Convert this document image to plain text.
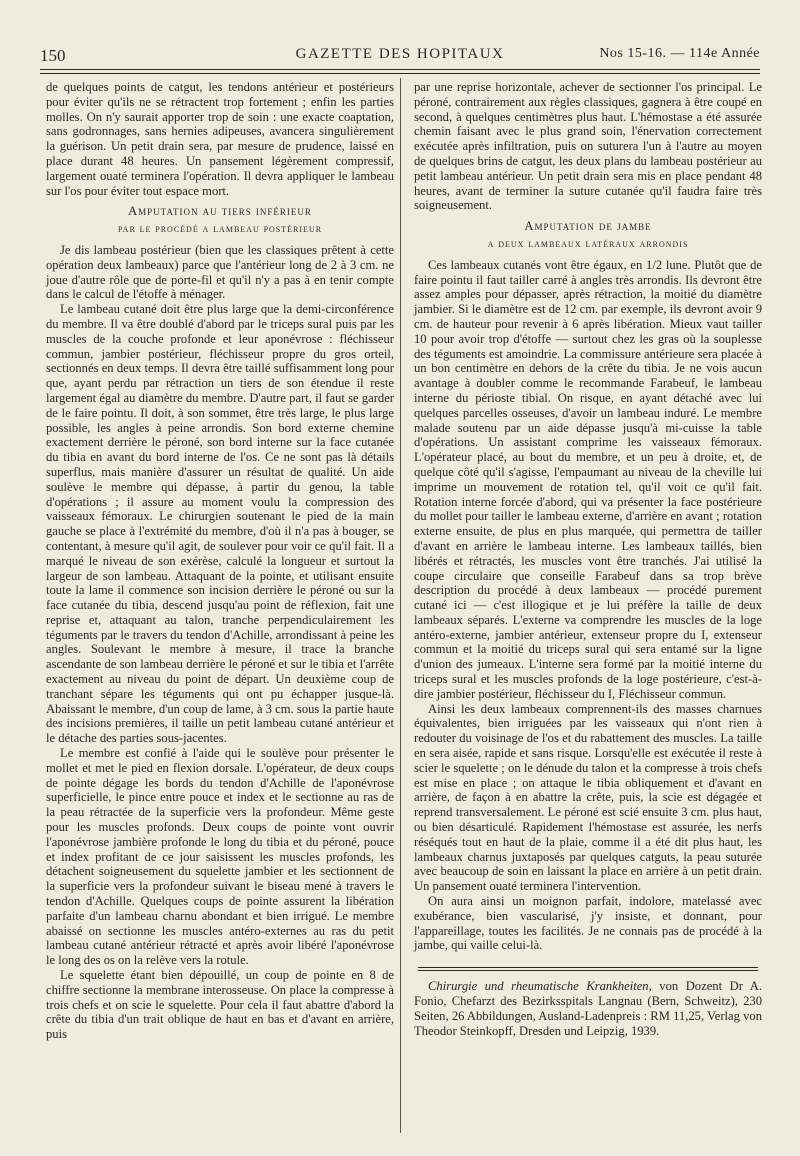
150	GAZETTE DES HOPITAUX	Nos 15-16. — 114e Année

de quelques points de catgut, les tendons antérieur et postérieurs pour éviter qu'ils ne se rétractent trop fortement ; enfin les parties molles. On n'y saurait apporter trop de soin : une exacte coaptation, sans godronnages, sans hernies adipeuses, avancera singulièrement la guérison. Un petit drain sera, par mesure de prudence, laissé en place durant 48 heures. Un pansement légèrement compressif, largement ouaté terminera l'opération. Il devra appliquer le lambeau sur l'os pour éviter tout espace mort.

Amputation au tiers inférieur
par le procédé a lambeau postérieur

Je dis lambeau postérieur (bien que les classiques prêtent à cette opération deux lambeaux) parce que l'antérieur long de 2 à 3 cm. ne joue d'autre rôle que de porte-fil et qu'il n'y a pas à en tenir compte dans le calcul de l'étoffe à ménager.

Le lambeau cutané doit être plus large que la demi-circonférence du membre. Il va être doublé d'abord par le triceps sural puis par les muscles de la couche profonde et leur aponévrose : fléchisseur commun, jambier postérieur, fléchisseur propre du gros orteil, sectionnés en deux temps. Il devra être taillé suffisamment long pour que, ayant perdu par rétraction un tiers de son étendue il reste largement égal au diamètre du membre. D'autre part, il faut se garder de le faire pointu. Il doit, à son sommet, être très large, le plus large possible, les angles à peine arrondis. Son bord externe chemine exactement derrière le péroné, son bord interne sur la face cutanée du tibia en avant du bord interne de l'os. Ce ne sont pas là détails superflus, mais manière d'assurer un résultat de qualité. Un aide soulève le membre qui dépasse, à partir du genou, la table d'opérations ; il assure au moment voulu la compression des vaisseaux fémoraux. Le chirurgien soutenant le pied de la main gauche se place à l'extrémité du membre, d'où il n'a pas à bouger, se contentant, à mesure qu'il agit, de soulever pour voir ce qu'il fait. Il a marqué le niveau de son exérèse, calculé la longueur et surtout la largeur de son lambeau. Attaquant de la pointe, et utilisant ensuite toute la lame il commence son incision derrière le péroné ou sur la face cutanée du tibia, descend jusqu'au point de réflexion, fait une reprise et, attaquant au talon, tranche perpendiculairement les téguments par le travers du tendon d'Achille, arrondissant à peine les angles. Soulevant le membre à mesure, il trace la branche ascendante de son lambeau derrière le péroné et sur le tibia et l'arrête exactement au niveau du point de départ. Un deuxième coup de tranchant sépare les téguments qui ont pu échapper jusque-là. Abaissant le membre, d'un coup de lame, à 3 cm. sous la partie haute des incisions premières, il taille un petit lambeau cutané antérieur et le détache des parties sous-jacentes.

Le membre est confié à l'aide qui le soulève pour présenter le mollet et met le pied en flexion dorsale. L'opérateur, de deux coups de pointe dégage les bords du tendon d'Achille de l'aponévrose superficielle, le pince entre pouce et index et le sectionne au ras de la peau rétractée de la superficie vers la profondeur. Même geste pour les muscles profonds. Deux coups de pointe vont ouvrir l'aponévrose jambière profonde le long du tibia et du péroné, pouce et index profitant de ce jour saisissent les muscles profonds, les détachent soigneusement du squelette jambier et les sectionnent de la superficie vers la profondeur suivant le biseau mené à travers le tendon d'Achille. Quelques coups de pointe assurent la libération parfaite d'un lambeau charnu abondant et bien irrigué. Le membre abaissé on sectionne les muscles antéro-externes au ras du petit lambeau cutané antérieur rétracté et après avoir libéré l'aponévrose le long des os on la relève vers la rotule.

Le squelette étant bien dépouillé, un coup de pointe en 8 de chiffre sectionne la membrane interosseuse. On place la compresse à trois chefs et on scie le squelette. Pour cela il faut abattre d'abord la crête du tibia d'un trait oblique de haut en bas et d'avant en arrière, puis

par une reprise horizontale, achever de sectionner l'os principal. Le péroné, contrairement aux règles classiques, gagnera à être coupé en second, à quelques centimètres plus haut. L'hémostase a été assurée chemin faisant avec le plus grand soin, l'énervation correctement exécutée après infiltration, puis on suturera l'un à l'autre au moyen de quelques brins de catgut, les deux plans du lambeau postérieur au petit lambeau antérieur. Un petit drain sera mis en place pendant 48 heures, avant de terminer la suture cutanée qu'il faudra faire très soigneusement.

Amputation de jambe
a deux lambeaux latéraux arrondis

Ces lambeaux cutanés vont être égaux, en 1/2 lune. Plutôt que de faire pointu il faut tailler carré à angles très arrondis. Ils devront être assez amples pour dépasser, après rétraction, la moitié du diamètre jambier. Si le diamètre est de 12 cm. par exemple, ils devront avoir 9 cm. de hauteur pour revenir à 6 après libération. Mieux vaut tailler 10 pour avoir trop d'étoffe — surtout chez les gras où la souplesse des téguments est amoindrie. La commissure antérieure sera placée à un bon centimètre en dehors de la crête du tibia. Je ne vois aucun avantage à doubler comme le recommande Farabeuf, le lambeau interne du périoste tibial. On risque, en ayant détaché avec lui quelques parcelles osseuses, d'avoir un lambeau induré. Le membre malade soutenu par un aide dépasse jusqu'à mi-cuisse la table d'opérations. Un assistant comprime les vaisseaux fémoraux. L'opérateur placé, au bout du membre, et un peu à droite, et, de quelque côté qu'il s'agisse, l'empaumant au niveau de la cheville lui imprime un mouvement de rotation tel, qu'il voit ce qu'il fait. Rotation interne forcée d'abord, qui va présenter la face postérieure du mollet pour tailler le lambeau externe, d'arrière en avant ; rotation externe ensuite, de plus en plus marquée, qui permettra de tailler d'avant en arrière le lambeau interne. Les lambeaux taillés, bien libérés et rétractés, les muscles vont être tranchés. J'ai utilisé la coupe circulaire que conseille Farabeuf dans sa trop brève description du procédé à deux lambeaux — procédé purement cutané ici — c'est illogique et je lui préfère la taille de deux lambeaux séparés. L'externe va comprendre les muscles de la loge antéro-externe, jambier antérieur, extenseur propre du I, extenseur commun et la moitié du triceps sural qui sera entamé sur la ligne d'union des jumeaux. L'interne sera formé par la moitié interne du triceps sural et les muscles profonds de la loge postérieure, c'est-à-dire jambier postérieur, fléchisseur du I, Fléchisseur commun.

Ainsi les deux lambeaux comprennent-ils des masses charnues équivalentes, bien irriguées par les vaisseaux qui n'ont rien à redouter du voisinage de l'os et du rabattement des muscles. La taille en sera aisée, rapide et sans risque. Lorsqu'elle est exécutée il reste à scier le squelette ; on le dénude du talon et la compresse à trois chefs est mise en place ; on attaque le tibia obliquement et d'avant en arrière, de façon à en abattre la crête, puis, la scie est dégagée et reprend transversalement. Le péroné est scié ensuite 3 cm. plus haut, ou bien désarticulé. Rapidement l'hémostase est assurée, les nerfs réséqués tout en haut de la plaie, comme il a été dit plus haut, les lambeaux charnus juxtaposés par quelques catguts, la peau suturée avec beaucoup de soin en laissant la place en arrière à un petit drain. Un pansement ouaté terminera l'intervention.

On aura ainsi un moignon parfait, indolore, matelassé avec exubérance, bien vascularisé, j'y insiste, et donnant, pour l'appareillage, toutes les facilités. Je ne connais pas de procédé à la jambe, qui vaille celui-là.

Chirurgie und rheumatische Krankheiten, von Dozent Dr A. Fonio, Chefarzt des Bezirksspitals Langnau (Bern, Schweitz), 230 Seiten, 26 Abbildungen, Ausland-Ladenpreis : RM 11,25, Verlag von Theodor Steinkopff, Dresden und Leipzig, 1939.
